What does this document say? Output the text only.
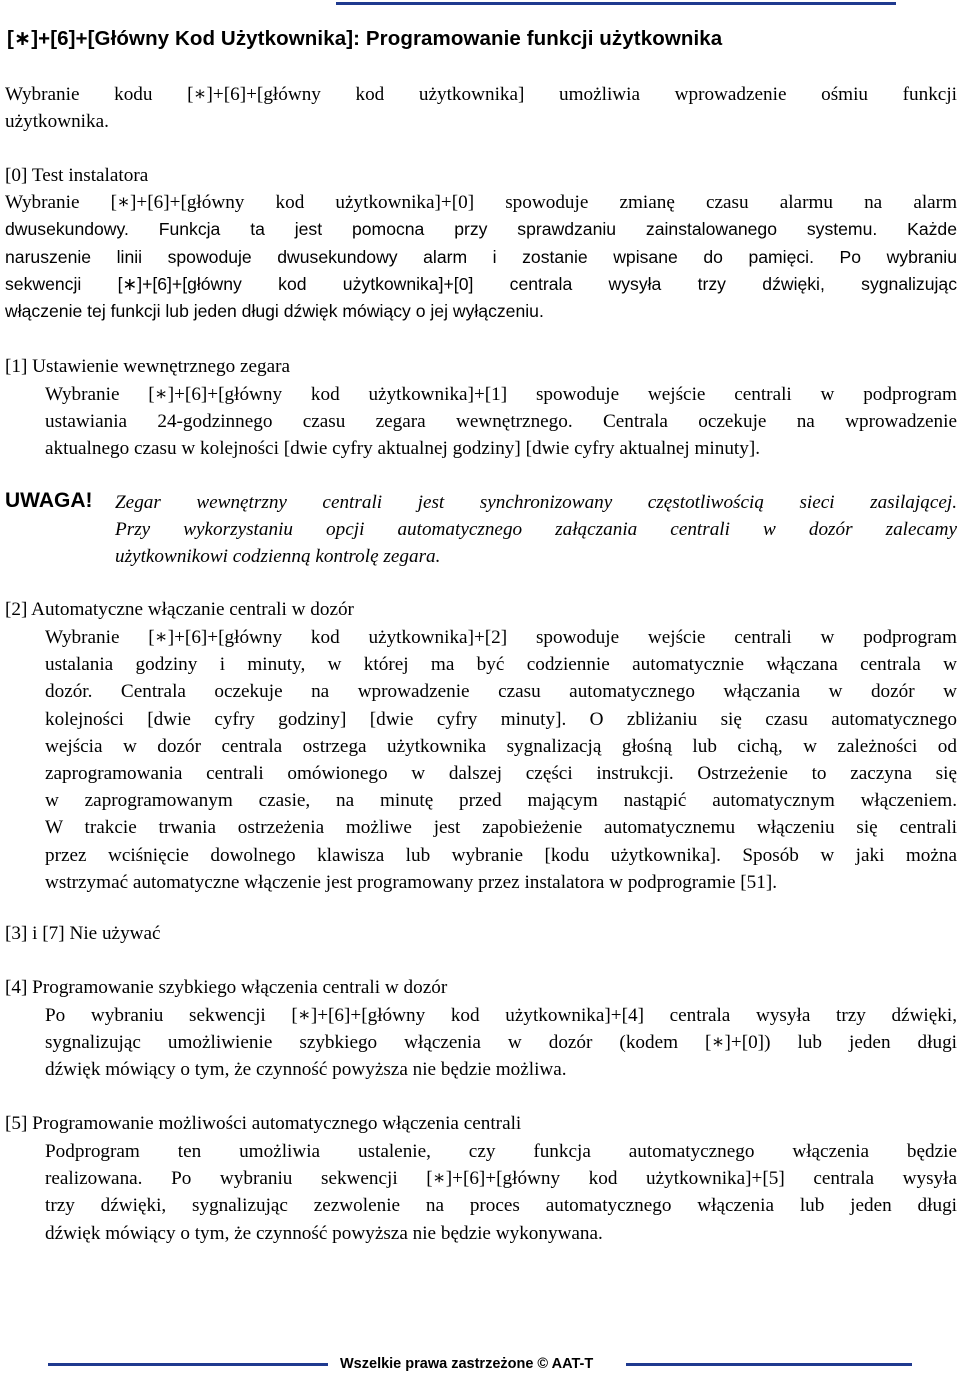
[∗]+[6]+[Główny Kod Użytkownika]: Programowanie funkcji użytkownika
Wybranie kodu [∗]+[6]+[główny kod użytkownika] umożliwia wprowadzenie ośmiu funkcji
użytkownika.
[0] Test instalatora
Wybranie [∗]+[6]+[główny kod użytkownika]+[0] spowoduje zmianę czasu alarmu na alarm
dwusekundowy. Funkcja ta jest pomocna przy sprawdzaniu zainstalowanego systemu. Każde
naruszenie linii spowoduje dwusekundowy alarm i zostanie wpisane do pamięci. Po wybraniu
sekwencji [∗]+[6]+[główny kod użytkownika]+[0] centrala wysyła trzy dźwięki, sygnalizując
włączenie tej funkcji lub jeden długi dźwięk mówiący o jej wyłączeniu.
[1] Ustawienie wewnętrznego zegara
Wybranie [∗]+[6]+[główny kod użytkownika]+[1] spowoduje wejście centrali w podprogram
ustawiania 24-godzinnego czasu zegara wewnętrznego. Centrala oczekuje na wprowadzenie
aktualnego czasu w kolejności [dwie cyfry aktualnej godziny] [dwie cyfry aktualnej minuty].
UWAGA! Zegar wewnętrzny centrali jest synchronizowany częstotliwością sieci zasilającej.
Przy wykorzystaniu opcji automatycznego załączania centrali w dozór zalecamy
użytkownikowi codzienną kontrolę zegara.
[2] Automatyczne włączanie centrali w dozór
Wybranie [∗]+[6]+[główny kod użytkownika]+[2] spowoduje wejście centrali w podprogram
ustalania godziny i minuty, w której ma być codziennie automatycznie włączana centrala w
dozór. Centrala oczekuje na wprowadzenie czasu automatycznego włączania w dozór w
kolejności [dwie cyfry godziny] [dwie cyfry minuty]. O zbliżaniu się czasu automatycznego
wejścia w dozór centrala ostrzega użytkownika sygnalizacją głośną lub cichą, w zależności od
zaprogramowania centrali omówionego w dalszej części instrukcji. Ostrzeżenie to zaczyna się
w zaprogramowanym czasie, na minutę przed mającym nastąpić automatycznym włączeniem.
W trakcie trwania ostrzeżenia możliwe jest zapobieżenie automatycznemu włączeniu się centrali
przez wciśnięcie dowolnego klawisza lub wybranie [kodu użytkownika]. Sposób w jaki można
wstrzymać automatyczne włączenie jest programowany przez instalatora w podprogramie [51].
[3] i [7] Nie używać
[4] Programowanie szybkiego włączenia centrali w dozór
Po wybraniu sekwencji [∗]+[6]+[główny kod użytkownika]+[4] centrala wysyła trzy dźwięki,
sygnalizując umożliwienie szybkiego włączenia w dozór (kodem [∗]+[0]) lub jeden długi
dźwięk mówiący o tym, że czynność powyższa nie będzie możliwa.
[5] Programowanie możliwości automatycznego włączenia centrali
Podprogram ten umożliwia ustalenie, czy funkcja automatycznego włączenia będzie
realizowana. Po wybraniu sekwencji [∗]+[6]+[główny kod użytkownika]+[5] centrala wysyła
trzy dźwięki, sygnalizując zezwolenie na proces automatycznego włączenia lub jeden długi
dźwięk mówiący o tym, że czynność powyższa nie będzie wykonywana.
Wszelkie prawa zastrzeżone © AAT-T
